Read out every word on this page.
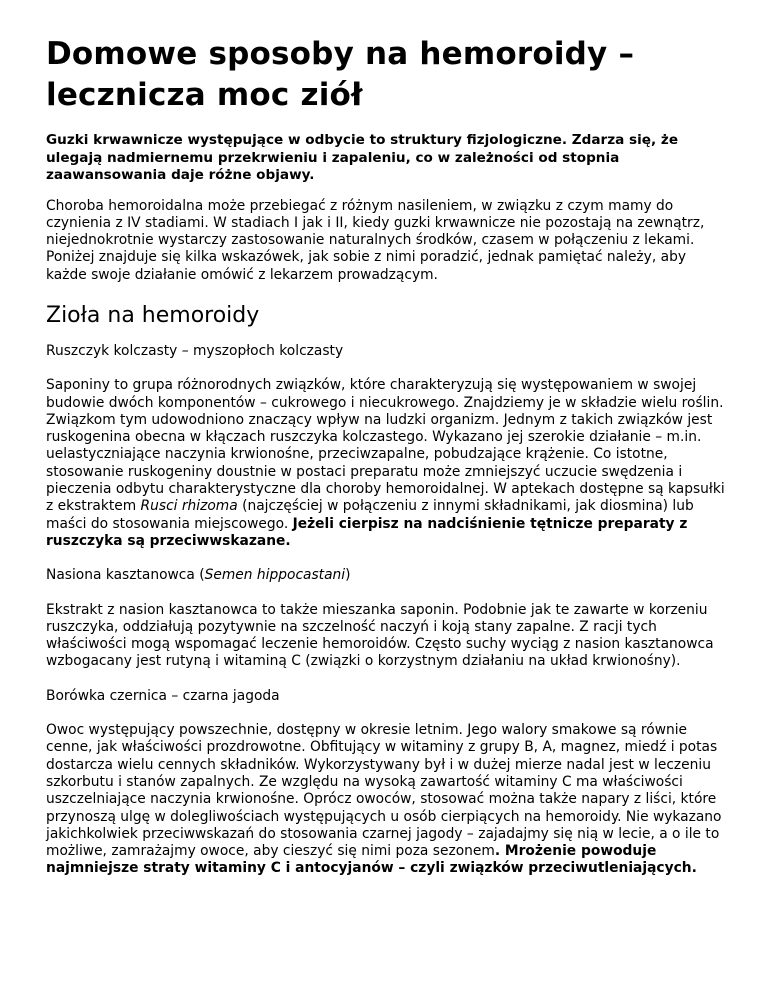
Domowe sposoby na hemoroidy – lecznicza moc ziół

Guzki krwawnicze występujące w odbycie to struktury fizjologiczne. Zdarza się, że ulegają nadmiernemu przekrwieniu i zapaleniu, co w zależności od stopnia zaawansowania daje różne objawy.

Choroba hemoroidalna może przebiegać z różnym nasileniem, w związku z czym mamy do czynienia z IV stadiami. W stadiach I jak i II, kiedy guzki krwawnicze nie pozostają na zewnątrz, niejednokrotnie wystarczy zastosowanie naturalnych środków, czasem w połączeniu z lekami. Poniżej znajduje się kilka wskazówek, jak sobie z nimi poradzić, jednak pamiętać należy, aby każde swoje działanie omówić z lekarzem prowadzącym.

Zioła na hemoroidy

Ruszczyk kolczasty – myszopłoch kolczasty

Saponiny to grupa różnorodnych związków, które charakteryzują się występowaniem w swojej budowie dwóch komponentów – cukrowego i niecukrowego. Znajdziemy je w składzie wielu roślin. Związkom tym udowodniono znaczący wpływ na ludzki organizm. Jednym z takich związków jest ruskogenina obecna w kłączach ruszczyka kolczastego. Wykazano jej szerokie działanie – m.in. uelastyczniające naczynia krwionośne, przeciwzapalne, pobudzające krążenie. Co istotne, stosowanie ruskogeniny doustnie w postaci preparatu może zmniejszyć uczucie swędzenia i pieczenia odbytu charakterystyczne dla choroby hemoroidalnej. W aptekach dostępne są kapsułki z ekstraktem Rusci rhizoma (najczęściej w połączeniu z innymi składnikami, jak diosmina) lub maści do stosowania miejscowego. Jeżeli cierpisz na nadciśnienie tętnicze preparaty z ruszczyka są przeciwwskazane.

Nasiona kasztanowca (Semen hippocastani)

Ekstrakt z nasion kasztanowca to także mieszanka saponin. Podobnie jak te zawarte w korzeniu ruszczyka, oddziałują pozytywnie na szczelność naczyń i koją stany zapalne. Z racji tych właściwości mogą wspomagać leczenie hemoroidów. Często suchy wyciąg z nasion kasztanowca wzbogacany jest rutyną i witaminą C (związki o korzystnym działaniu na układ krwionośny).

Borówka czernica – czarna jagoda

Owoc występujący powszechnie, dostępny w okresie letnim. Jego walory smakowe są równie cenne, jak właściwości prozdrowotne. Obfitujący w witaminy z grupy B, A, magnez, miedź i potas dostarcza wielu cennych składników. Wykorzystywany był i w dużej mierze nadal jest w leczeniu szkorbutu i stanów zapalnych. Ze względu na wysoką zawartość witaminy C ma właściwości uszczelniające naczynia krwionośne. Oprócz owoców, stosować można także napary z liści, które przynoszą ulgę w dolegliwościach występujących u osób cierpiących na hemoroidy. Nie wykazano jakichkolwiek przeciwwskazań do stosowania czarnej jagody – zajadajmy się nią w lecie, a o ile to możliwe, zamrażajmy owoce, aby cieszyć się nimi poza sezonem. Mrożenie powoduje najmniejsze straty witaminy C i antocyjanów – czyli związków przeciwutleniających.
